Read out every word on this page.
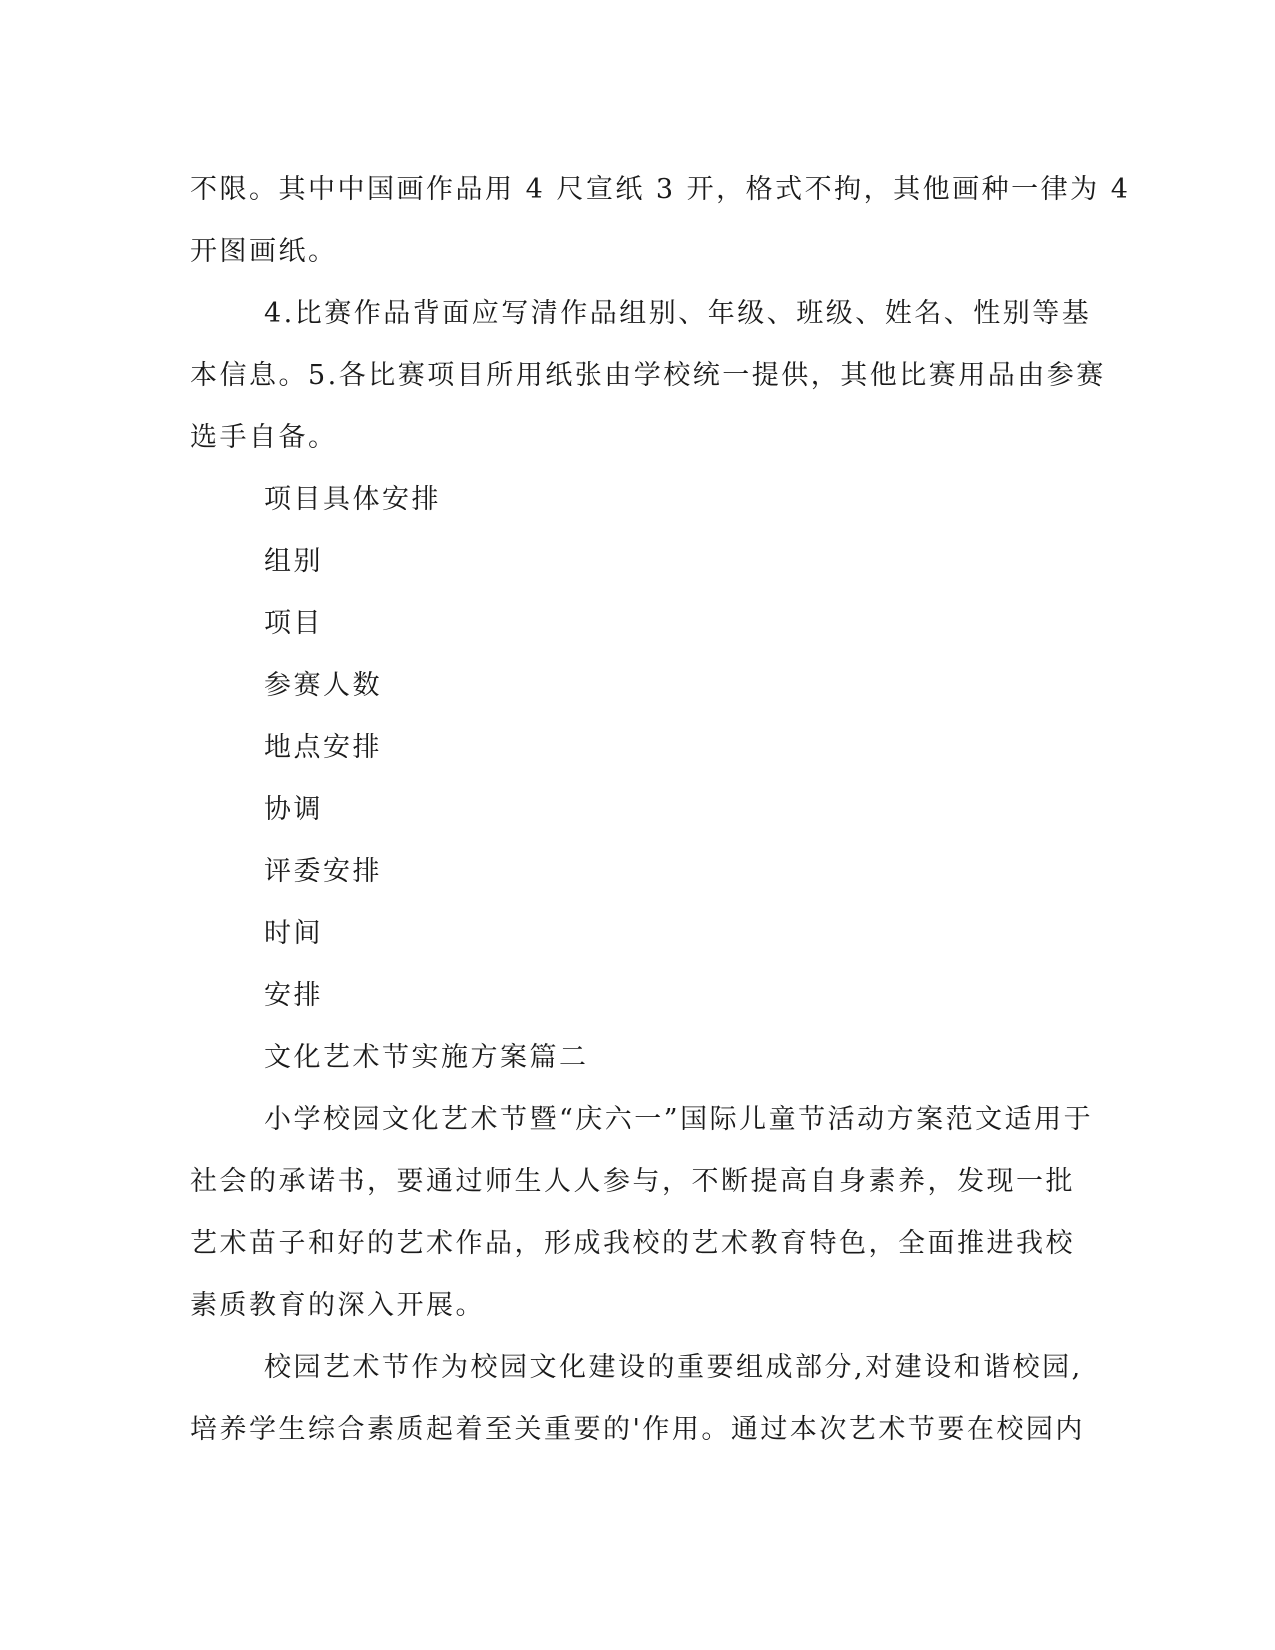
不限。其中中国画作品用 4 尺宣纸 3 开，格式不拘，其他画种一律为 4
开图画纸。
4.比赛作品背面应写清作品组别、年级、班级、姓名、性别等基
本信息。5.各比赛项目所用纸张由学校统一提供，其他比赛用品由参赛
选手自备。
项目具体安排
组别
项目
参赛人数
地点安排
协调
评委安排
时间
安排
文化艺术节实施方案篇二
小学校园文化艺术节暨“庆六一”国际儿童节活动方案范文适用于
社会的承诺书，要通过师生人人参与，不断提高自身素养，发现一批
艺术苗子和好的艺术作品，形成我校的艺术教育特色，全面推进我校
素质教育的深入开展。
校园艺术节作为校园文化建设的重要组成部分,对建设和谐校园,
培养学生综合素质起着至关重要的'作用。通过本次艺术节要在校园内
